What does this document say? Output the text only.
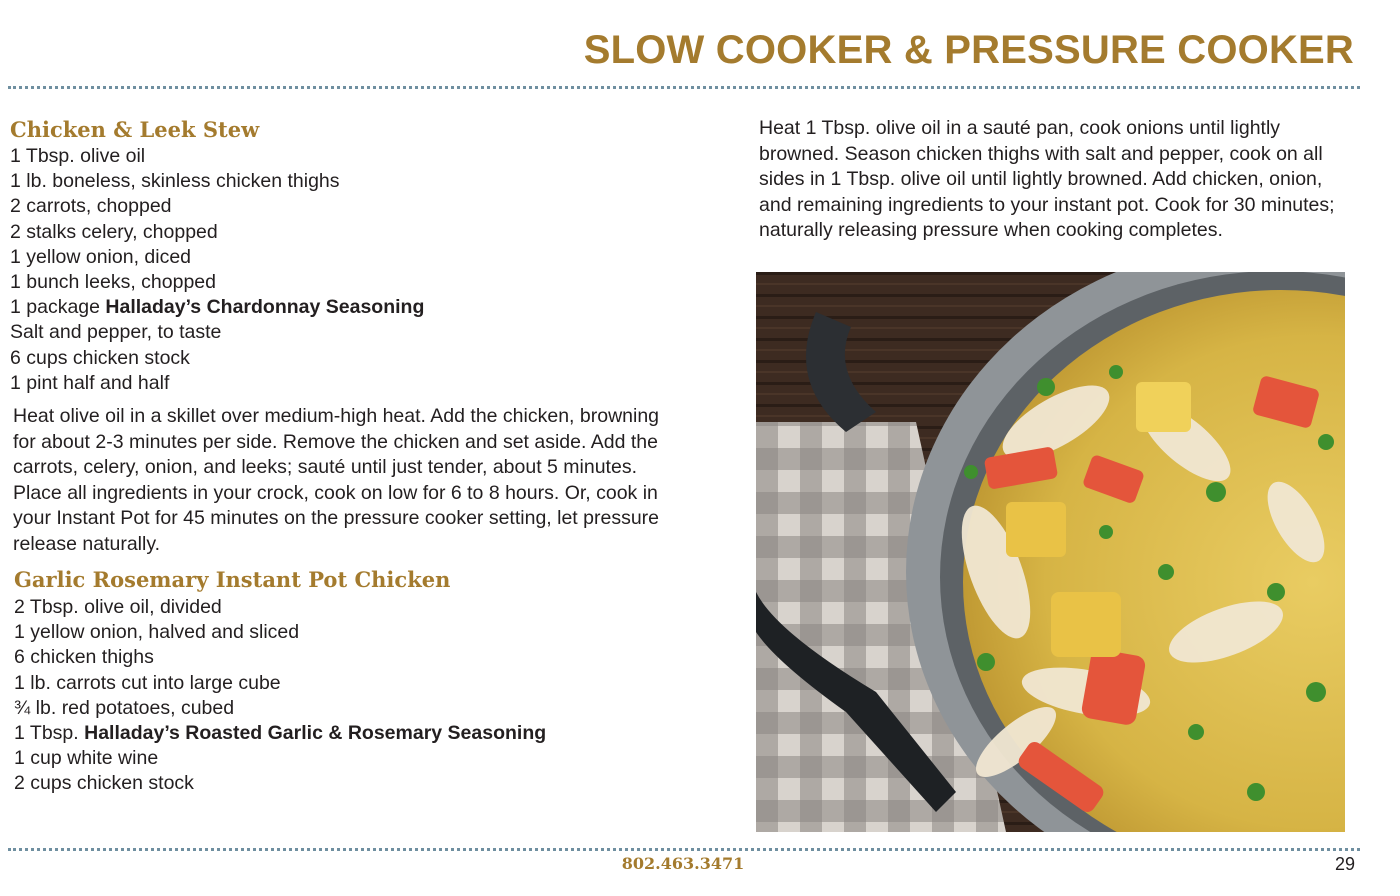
SLOW COOKER & PRESSURE COOKER
Chicken & Leek Stew
1 Tbsp. olive oil
1 lb. boneless, skinless chicken thighs
2 carrots, chopped
2 stalks celery, chopped
1 yellow onion, diced
1 bunch leeks, chopped
1 package Halladay’s Chardonnay Seasoning
Salt and pepper, to taste
6 cups chicken stock
1 pint half and half

Heat olive oil in a skillet over medium-high heat. Add the chicken, browning for about 2-3 minutes per side. Remove the chicken and set aside. Add the carrots, celery, onion, and leeks; sauté until just tender, about 5 minutes. Place all ingredients in your crock, cook on low for 6 to 8 hours. Or, cook in your Instant Pot for 45 minutes on the pressure cooker setting, let pressure release naturally.

Garlic Rosemary Instant Pot Chicken
2 Tbsp. olive oil, divided
1 yellow onion, halved and sliced
6 chicken thighs
1 lb. carrots cut into large cube
¾ lb. red potatoes, cubed
1 Tbsp. Halladay’s Roasted Garlic & Rosemary Seasoning
1 cup white wine
2 cups chicken stock

Heat 1 Tbsp. olive oil in a sauté pan, cook onions until lightly browned. Season chicken thighs with salt and pepper, cook on all sides in 1 Tbsp. olive oil until lightly browned. Add chicken, onion, and remaining ingredients to your instant pot. Cook for 30 minutes; naturally releasing pressure when cooking completes.

802.463.3471	29
